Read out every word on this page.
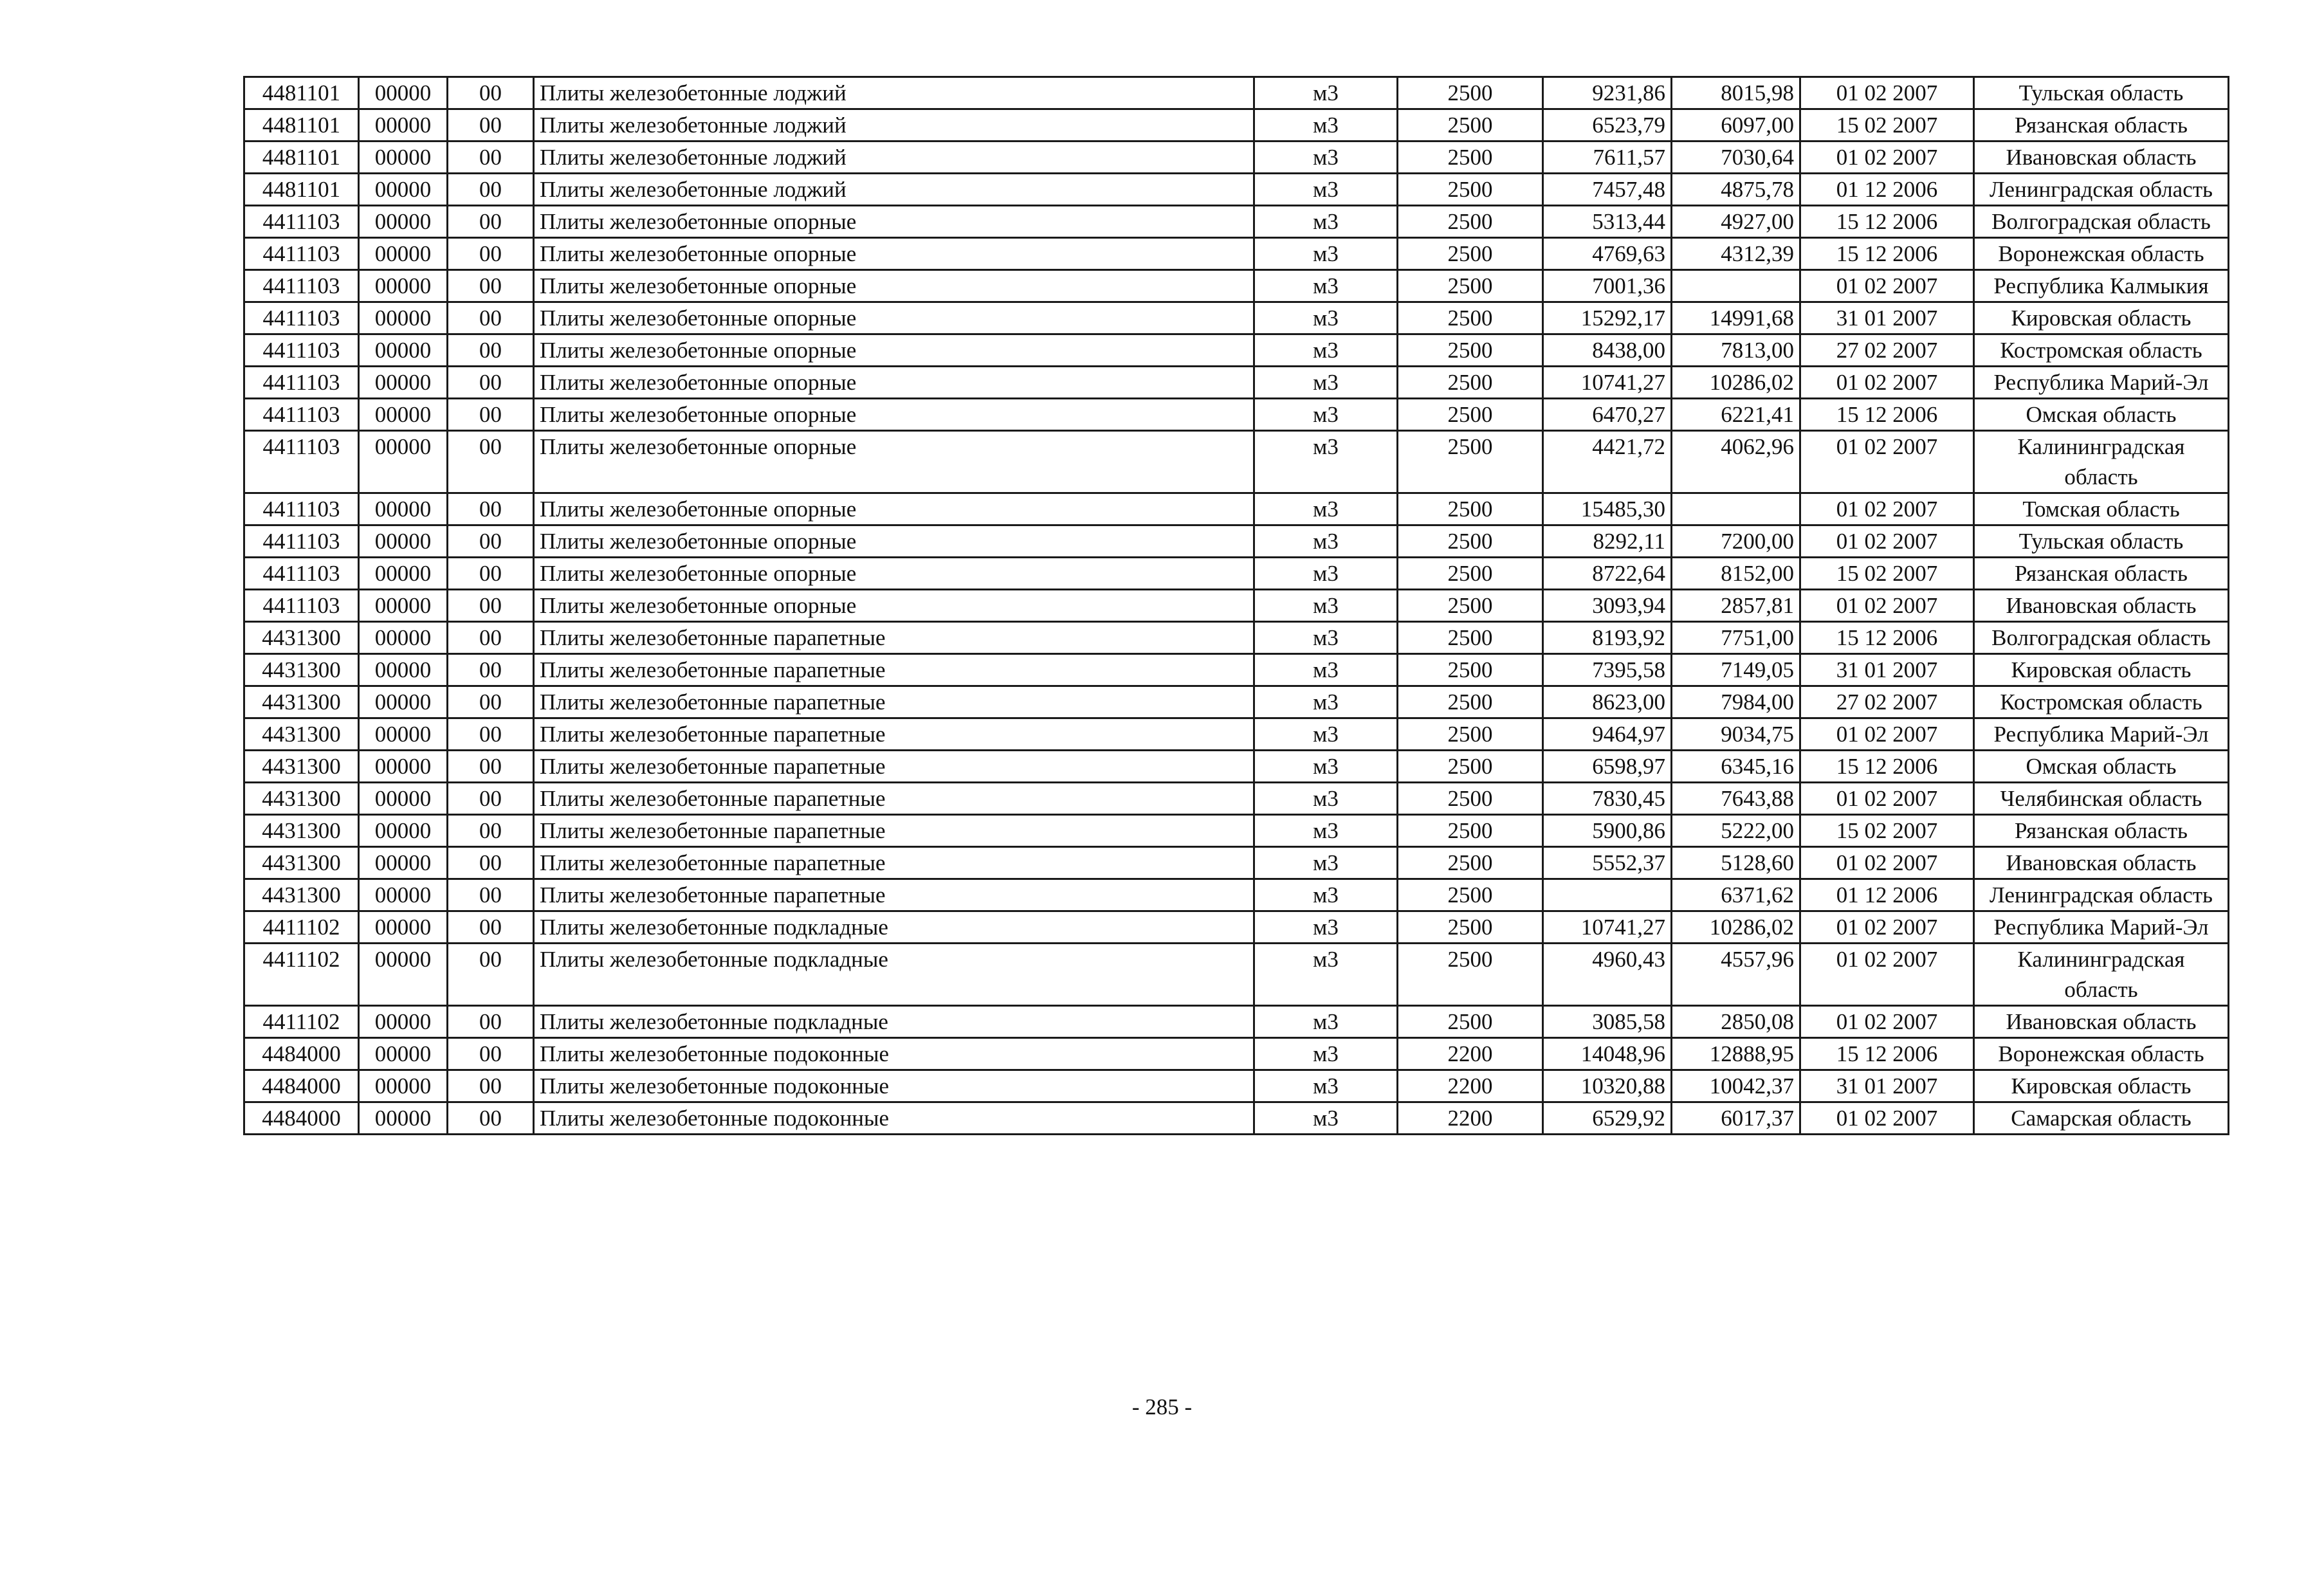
4481101	00000	00	Плиты железобетонные лоджий	м3	2500	9231,86	8015,98	01 02 2007	Тульская область
4481101	00000	00	Плиты железобетонные лоджий	м3	2500	6523,79	6097,00	15 02 2007	Рязанская область
4481101	00000	00	Плиты железобетонные лоджий	м3	2500	7611,57	7030,64	01 02 2007	Ивановская область
4481101	00000	00	Плиты железобетонные лоджий	м3	2500	7457,48	4875,78	01 12 2006	Ленинградская область
4411103	00000	00	Плиты железобетонные опорные	м3	2500	5313,44	4927,00	15 12 2006	Волгоградская область
4411103	00000	00	Плиты железобетонные опорные	м3	2500	4769,63	4312,39	15 12 2006	Воронежская область
4411103	00000	00	Плиты железобетонные опорные	м3	2500	7001,36		01 02 2007	Республика Калмыкия
4411103	00000	00	Плиты железобетонные опорные	м3	2500	15292,17	14991,68	31 01 2007	Кировская область
4411103	00000	00	Плиты железобетонные опорные	м3	2500	8438,00	7813,00	27 02 2007	Костромская область
4411103	00000	00	Плиты железобетонные опорные	м3	2500	10741,27	10286,02	01 02 2007	Республика Марий-Эл
4411103	00000	00	Плиты железобетонные опорные	м3	2500	6470,27	6221,41	15 12 2006	Омская область
4411103	00000	00	Плиты железобетонные опорные	м3	2500	4421,72	4062,96	01 02 2007	Калининградская область
4411103	00000	00	Плиты железобетонные опорные	м3	2500	15485,30		01 02 2007	Томская область
4411103	00000	00	Плиты железобетонные опорные	м3	2500	8292,11	7200,00	01 02 2007	Тульская область
4411103	00000	00	Плиты железобетонные опорные	м3	2500	8722,64	8152,00	15 02 2007	Рязанская область
4411103	00000	00	Плиты железобетонные опорные	м3	2500	3093,94	2857,81	01 02 2007	Ивановская область
4431300	00000	00	Плиты железобетонные парапетные	м3	2500	8193,92	7751,00	15 12 2006	Волгоградская область
4431300	00000	00	Плиты железобетонные парапетные	м3	2500	7395,58	7149,05	31 01 2007	Кировская область
4431300	00000	00	Плиты железобетонные парапетные	м3	2500	8623,00	7984,00	27 02 2007	Костромская область
4431300	00000	00	Плиты железобетонные парапетные	м3	2500	9464,97	9034,75	01 02 2007	Республика Марий-Эл
4431300	00000	00	Плиты железобетонные парапетные	м3	2500	6598,97	6345,16	15 12 2006	Омская область
4431300	00000	00	Плиты железобетонные парапетные	м3	2500	7830,45	7643,88	01 02 2007	Челябинская область
4431300	00000	00	Плиты железобетонные парапетные	м3	2500	5900,86	5222,00	15 02 2007	Рязанская область
4431300	00000	00	Плиты железобетонные парапетные	м3	2500	5552,37	5128,60	01 02 2007	Ивановская область
4431300	00000	00	Плиты железобетонные парапетные	м3	2500		6371,62	01 12 2006	Ленинградская область
4411102	00000	00	Плиты железобетонные подкладные	м3	2500	10741,27	10286,02	01 02 2007	Республика Марий-Эл
4411102	00000	00	Плиты железобетонные подкладные	м3	2500	4960,43	4557,96	01 02 2007	Калининградская область
4411102	00000	00	Плиты железобетонные подкладные	м3	2500	3085,58	2850,08	01 02 2007	Ивановская область
4484000	00000	00	Плиты железобетонные подоконные	м3	2200	14048,96	12888,95	15 12 2006	Воронежская область
4484000	00000	00	Плиты железобетонные подоконные	м3	2200	10320,88	10042,37	31 01 2007	Кировская область
4484000	00000	00	Плиты железобетонные подоконные	м3	2200	6529,92	6017,37	01 02 2007	Самарская область
- 285 -
